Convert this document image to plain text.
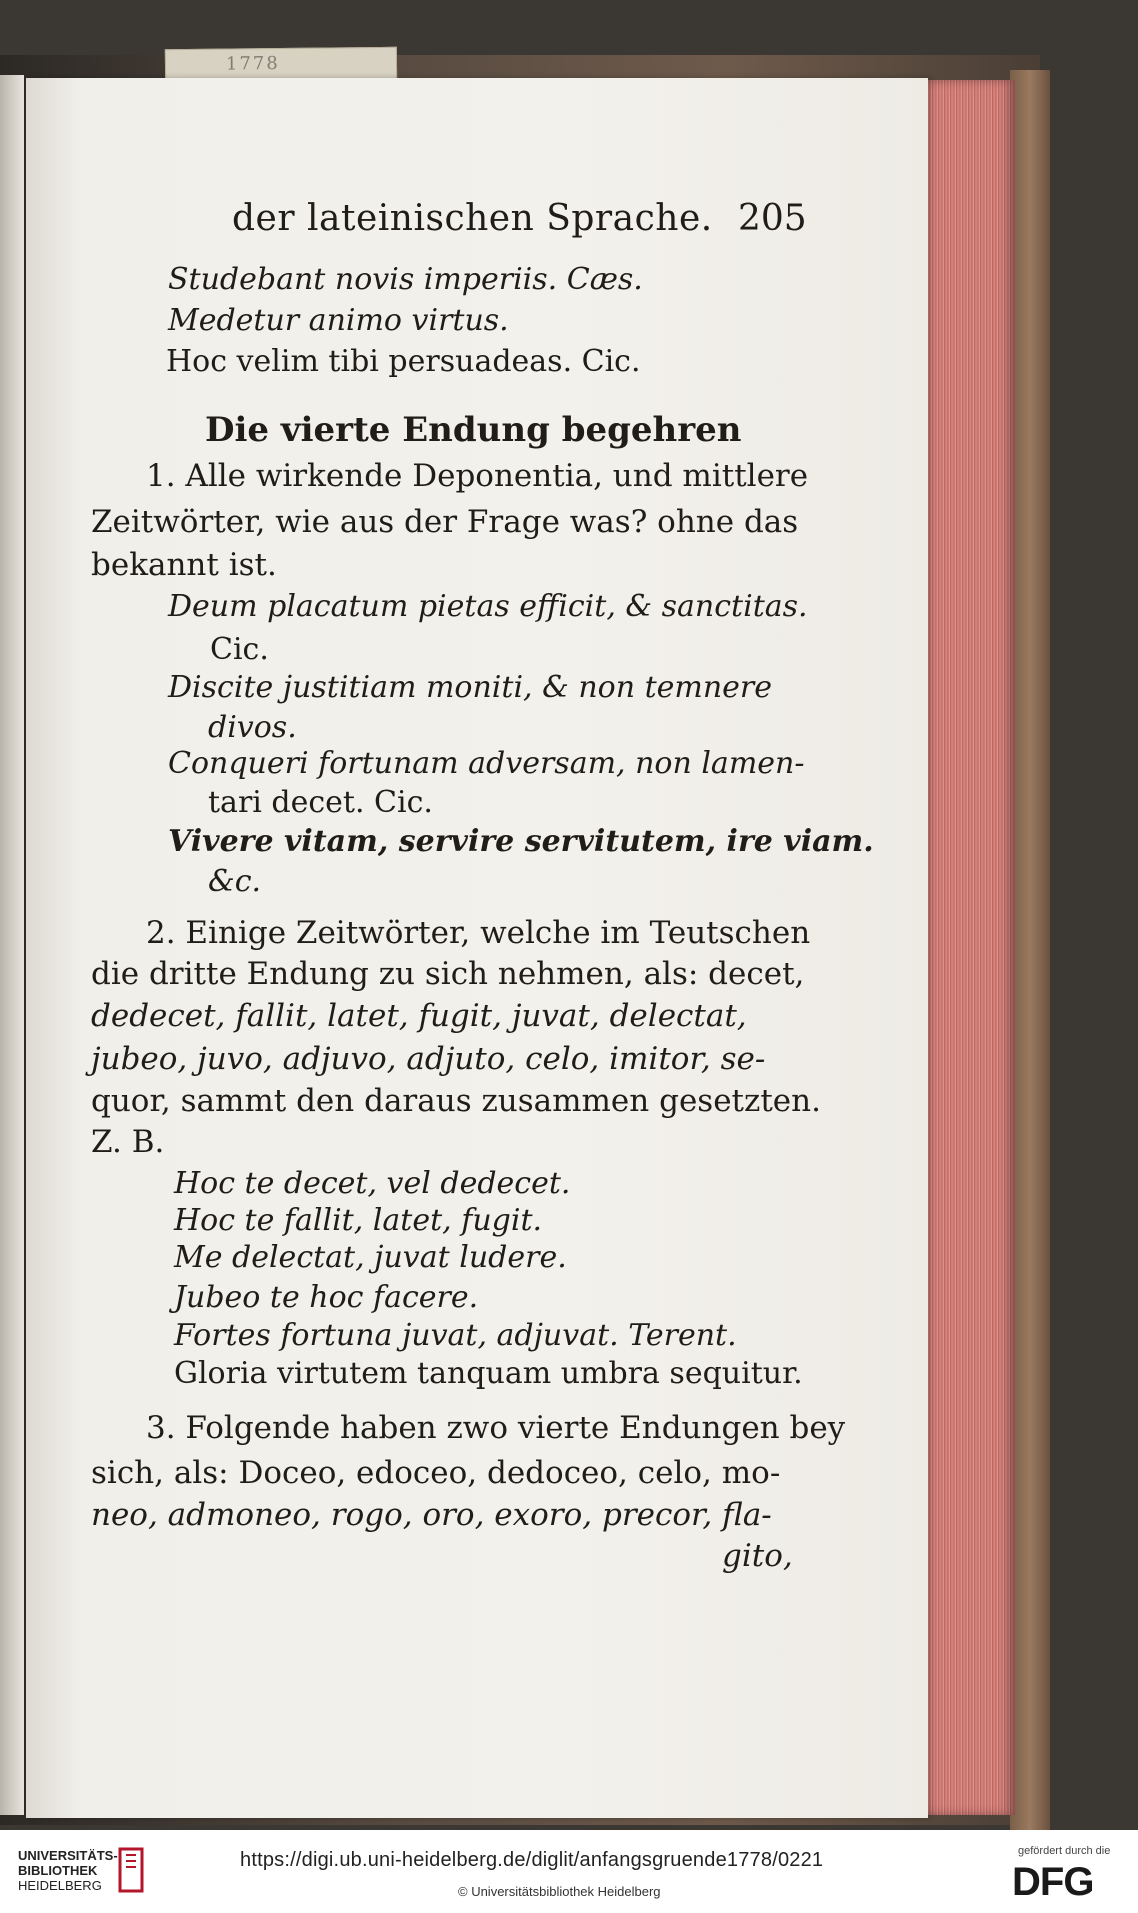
1778
der lateinischen Sprache. 205
Studebant novis imperiis. Cæs.
Medetur animo virtus.
Hoc velim tibi persuadeas. Cic.
Die vierte Endung begehren
1. Alle wirkende Deponentia, und mittlere
Zeitwörter, wie aus der Frage was? ohne das
bekannt ist.
Deum placatum pietas efficit, & sanctitas.
Cic.
Discite justitiam moniti, & non temnere
divos.
Conqueri fortunam adversam, non lamen-
tari decet. Cic.
Vivere vitam, servire servitutem, ire viam.
&c.
2. Einige Zeitwörter, welche im Teutschen
die dritte Endung zu sich nehmen, als: decet,
dedecet, fallit, latet, fugit, juvat, delectat,
jubeo, juvo, adjuvo, adjuto, celo, imitor, se-
quor, sammt den daraus zusammen gesetzten.
Z. B.
Hoc te decet, vel dedecet.
Hoc te fallit, latet, fugit.
Me delectat, juvat ludere.
Jubeo te hoc facere.
Fortes fortuna juvat, adjuvat. Terent.
Gloria virtutem tanquam umbra sequitur.
3. Folgende haben zwo vierte Endungen bey
sich, als: Doceo, edoceo, dedoceo, celo, mo-
neo, admoneo, rogo, oro, exoro, precor, fla-
gito,
UNIVERSITÄTS-
BIBLIOTHEK
HEIDELBERG
https://digi.ub.uni-heidelberg.de/diglit/anfangsgruende1778/0221
© Universitätsbibliothek Heidelberg
gefördert durch die
DFG
